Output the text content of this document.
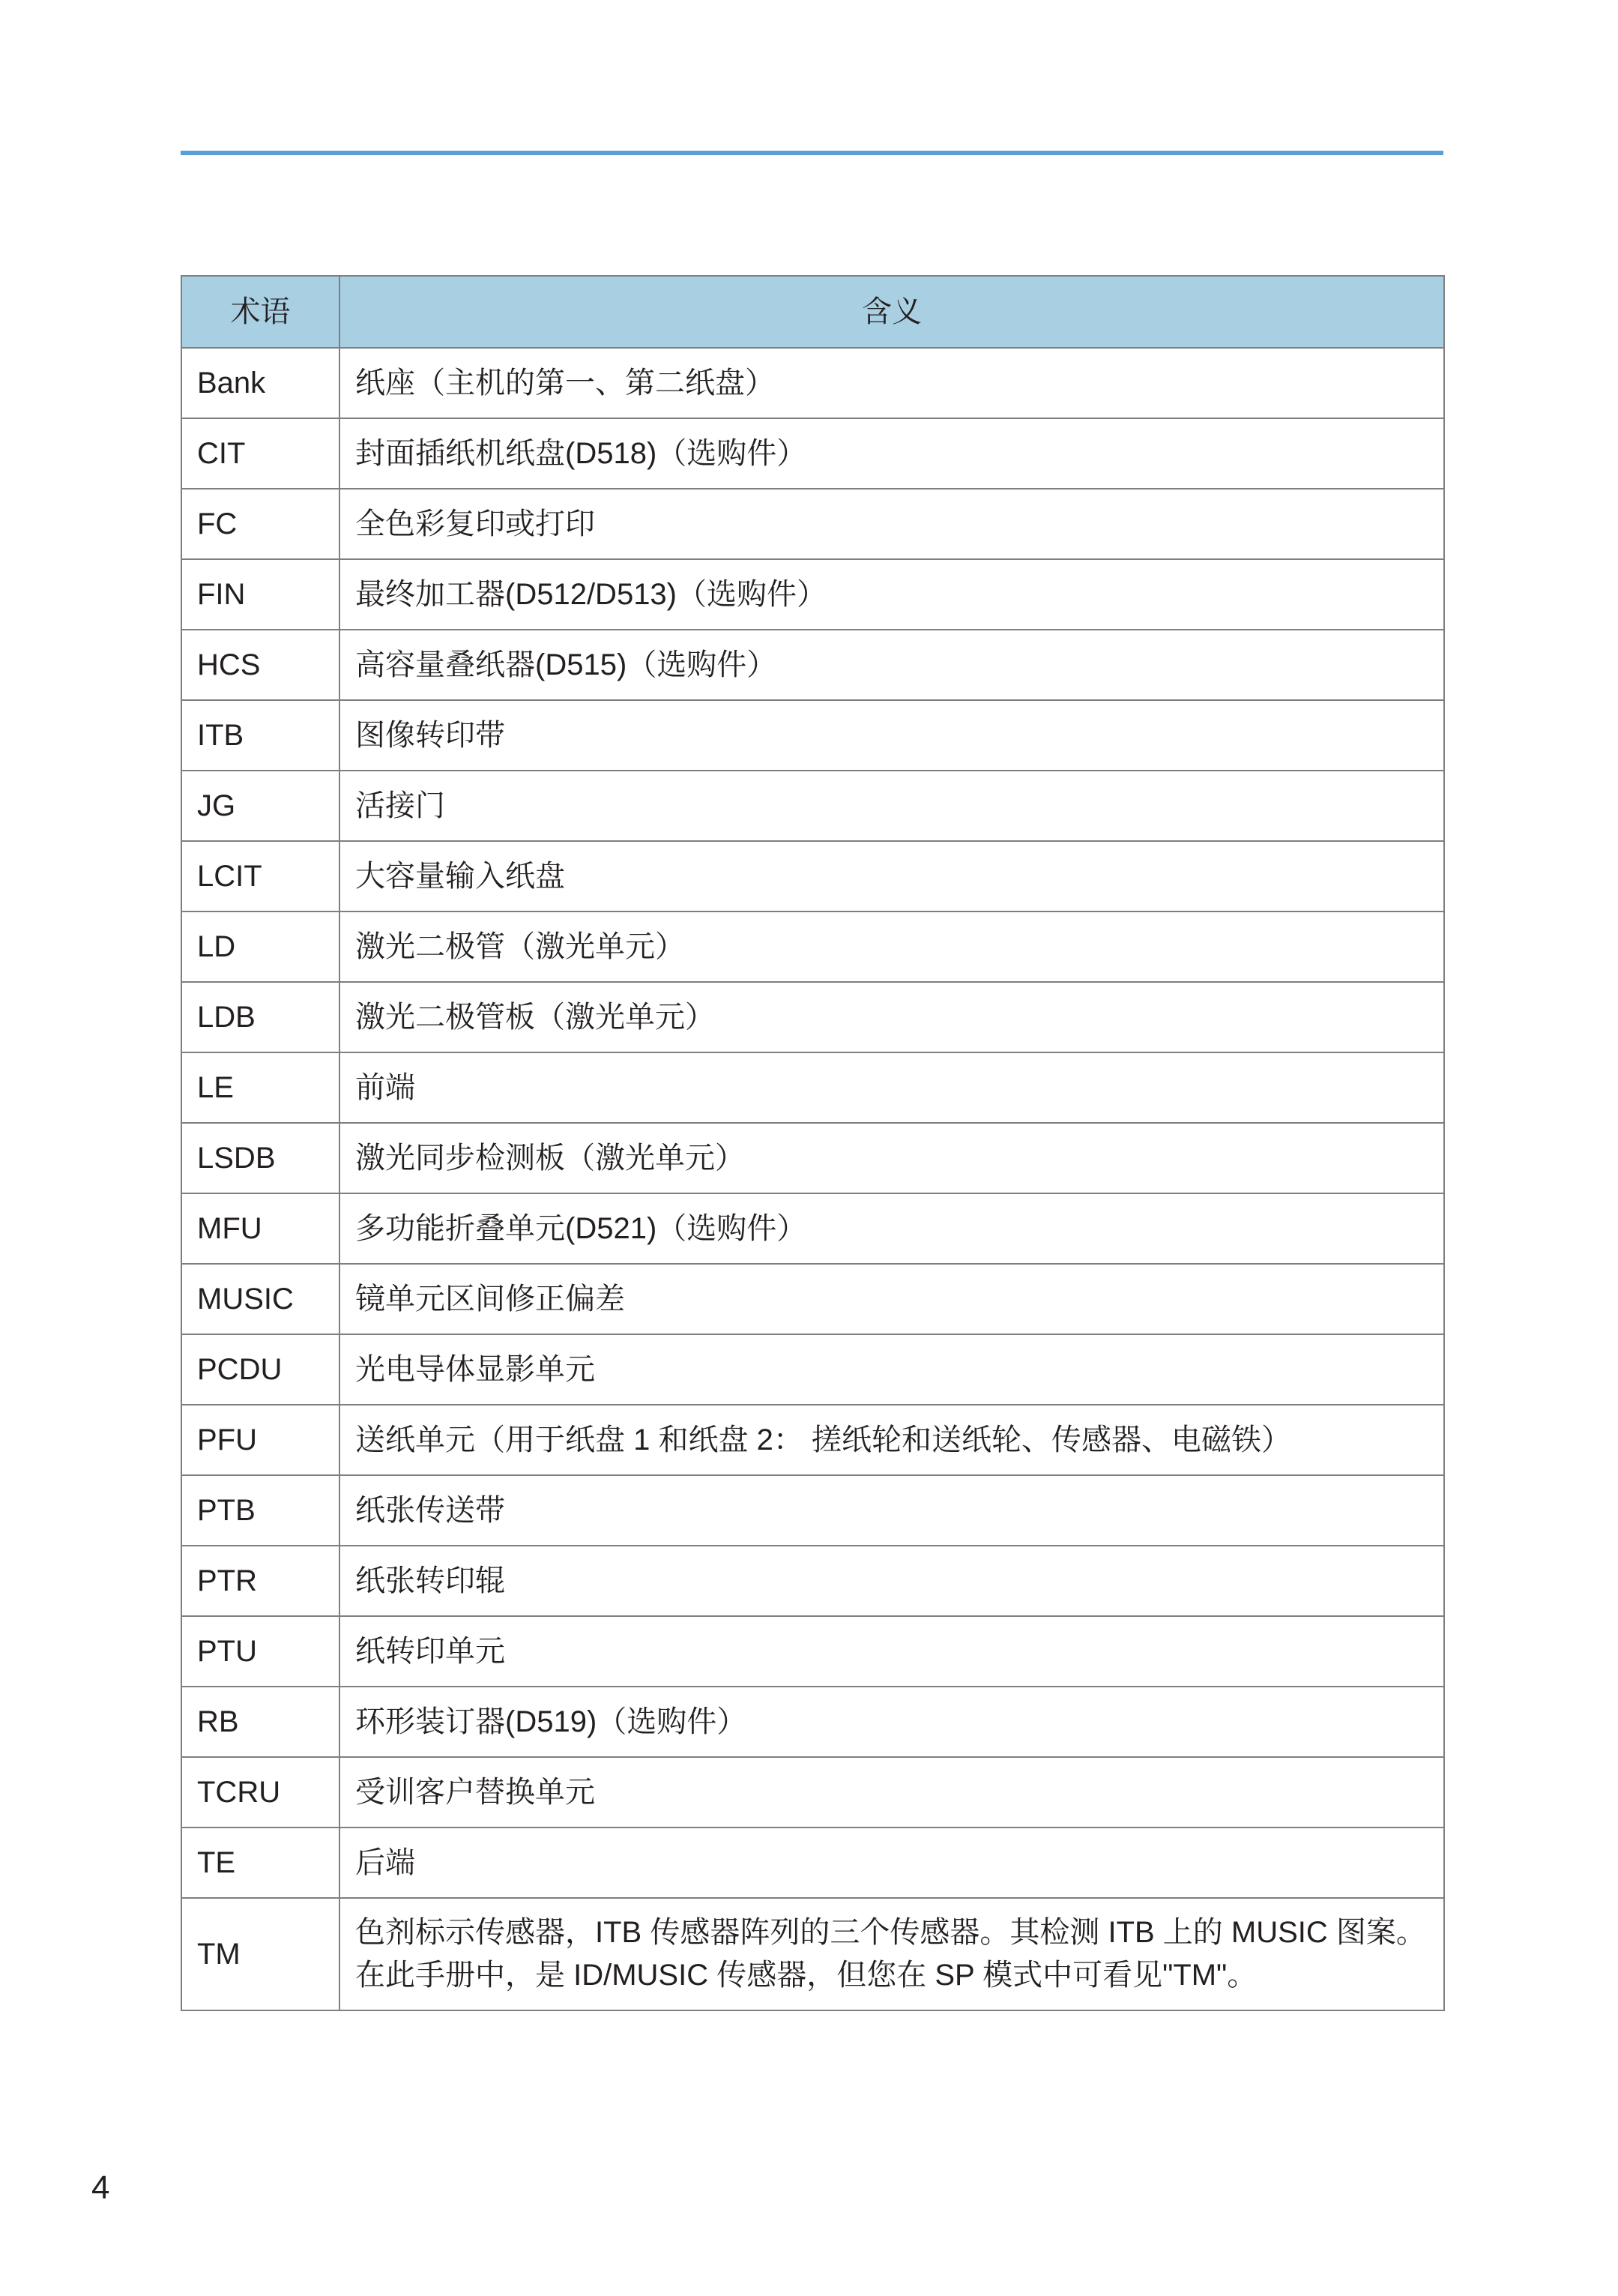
术语	含义
Bank	纸座（主机的第一、第二纸盘）
CIT	封面插纸机纸盘(D518)（选购件）
FC	全色彩复印或打印
FIN	最终加工器(D512/D513)（选购件）
HCS	高容量叠纸器(D515)（选购件）
ITB	图像转印带
JG	活接门
LCIT	大容量输入纸盘
LD	激光二极管（激光单元）
LDB	激光二极管板（激光单元）
LE	前端
LSDB	激光同步检测板（激光单元）
MFU	多功能折叠单元(D521)（选购件）
MUSIC	镜单元区间修正偏差
PCDU	光电导体显影单元
PFU	送纸单元（用于纸盘 1 和纸盘 2： 搓纸轮和送纸轮、传感器、电磁铁）
PTB	纸张传送带
PTR	纸张转印辊
PTU	纸转印单元
RB	环形装订器(D519)（选购件）
TCRU	受训客户替换单元
TE	后端
TM	色剂标示传感器，ITB 传感器阵列的三个传感器。其检测 ITB 上的 MUSIC 图案。在此手册中，是 ID/MUSIC 传感器，但您在 SP 模式中可看见"TM"。
4
